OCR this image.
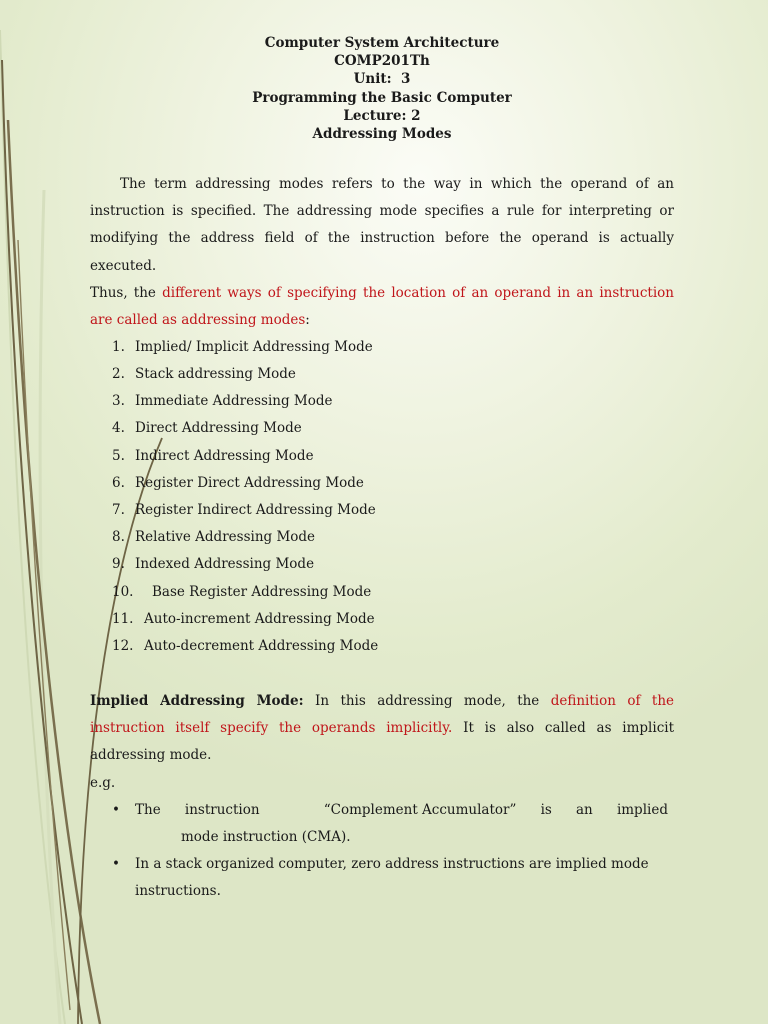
Computer System Architecture
COMP201Th
Unit:  3
Programming the Basic Computer
Lecture: 2
Addressing Modes

The term addressing modes refers to the way in which the operand of an instruction is specified. The addressing mode specifies a rule for interpreting or modifying the address field of the instruction before the operand is actually executed.

Thus, the different ways of specifying the location of an operand in an instruction are called as addressing modes:

1. Implied/ Implicit Addressing Mode
2. Stack addressing Mode
3. Immediate Addressing Mode
4. Direct Addressing Mode
5. Indirect Addressing Mode
6. Register Direct Addressing Mode
7. Register Indirect Addressing Mode
8. Relative Addressing Mode
9. Indexed Addressing Mode
10.	Base Register Addressing Mode
11. Auto-increment Addressing Mode
12. Auto-decrement Addressing Mode

Implied Addressing Mode: In this addressing mode, the definition of the instruction itself specify the operands implicitly. It is also called as implicit addressing mode.

e.g.

• The instruction	“Complement Accumulator” is an implied
mode instruction (CMA).
• In a stack organized computer, zero address instructions are implied mode instructions.
